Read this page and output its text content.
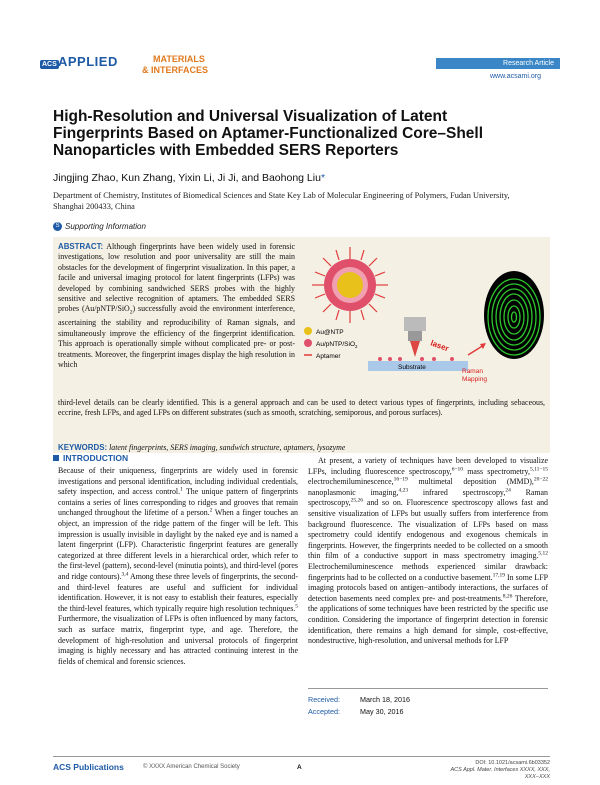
ACS APPLIED	MATERIALS
& INTERFACES
Research Article
www.acsami.org
High-Resolution and Universal Visualization of Latent Fingerprints Based on Aptamer-Functionalized Core–Shell Nanoparticles with Embedded SERS Reporters
Jingjing Zhao, Kun Zhang, Yixin Li, Ji Ji, and Baohong Liu*
Department of Chemistry, Institutes of Biomedical Sciences and State Key Lab of Molecular Engineering of Polymers, Fudan University, Shanghai 200433, China
S Supporting Information
ABSTRACT: Although fingerprints have been widely used in forensic investigations, low resolution and poor universality are still the main obstacles for the development of fingerprint visualization. In this paper, a facile and universal imaging protocol for latent fingerprints (LFPs) was developed by combining sandwiched SERS probes with the highly sensitive and selective recognition of aptamers. The embedded SERS probes (Au/pNTP/SiO$_2$) successfully avoid the environment interference, ascertaining the stability and reproducibility of Raman signals, and simultaneously improve the efficiency of the fingerprint identification. This approach is operationally simple without complicated pre- or post-treatments. Moreover, the fingerprint images display the high resolution in which
Au@NTP
Au/pNTP/SiO$_2$
Aptamer
laser
Substrate
Raman
Mapping
third-level details can be clearly identified. This is a general approach and can be used to detect various types of fingerprints, including sebaceous, eccrine, fresh LFPs, and aged LFPs on different substrates (such as smooth, scratching, semiporous, and porous surfaces).
KEYWORDS: latent fingerprints, SERS imaging, sandwich structure, aptamers, lysozyme
INTRODUCTION

Because of their uniqueness, fingerprints are widely used in forensic investigations and personal identification, including individual credentials, safety inspection, and access control.$^1$ The unique pattern of fingerprints contains a series of lines corresponding to ridges and grooves that remain unchanged throughout the lifetime of a person.$^2$ When a finger touches an object, an impression of the ridge pattern of the finger will be left. This impression is usually invisible in daylight by the naked eye and is named a latent fingerprint (LFP). Characteristic fingerprint features are generally categorized at three different levels in a hierarchical order, which refer to the first-level (pattern), second-level (minutia points), and third-level (pores and ridge contours).$^{3,4}$ Among these three levels of fingerprints, the second- and third-level features are useful and sufficient for individual identification. However, it is not easy to establish their features, especially the third-level features, which typically require high resolution techniques.$^5$ Furthermore, the visualization of LFPs is often influenced by many factors, such as surface matrix, fingerprint type, and age. Therefore, the development of high-resolution and universal protocols of fingerprint imaging is highly necessary and has attracted continuing interest in the fields of chemical and forensic sciences.

At present, a variety of techniques have been developed to visualize LFPs, including fluorescence spectroscopy,$^{6-10}$ mass spectrometry,$^{5,11-15}$ electrochemiluminescence,$^{16-19}$ multimetal deposition (MMD),$^{20-22}$ nanoplasmonic imaging,$^{4,23}$ infrared spectroscopy,$^{24}$ Raman spectroscopy,$^{25,26}$ and so on. Fluorescence spectroscopy allows fast and sensitive visualization of LFPs but usually suffers from interference from background fluorescence. The visualization of LFPs based on mass spectrometry could identify endogenous and exogenous chemicals in fingerprints. However, the fingerprints needed to be collected on a smooth thin film of a conductive support in mass spectrometry imaging.$^{5,12}$ Electrochemiluminescence methods experienced similar drawback: fingerprints had to be collected on a conductive basement.$^{17,19}$ In some LFP imaging protocols based on antigen−antibody interactions, the surfaces of detection basements need complex pre- and post-treatments.$^{8,26}$ Therefore, the applications of some techniques have been restricted by the specific use condition. Considering the importance of fingerprint detection in forensic identification, there remains a high demand for simple, cost-effective, nondestructive, high-resolution, and universal methods for LFP

Received:	March 18, 2016
Accepted:	May 30, 2016
ACS Publications	© XXXX American Chemical Society	A
DOI: 10.1021/acsami.6b03352
ACS Appl. Mater. Interfaces XXXX, XXX, XXX−XXX
